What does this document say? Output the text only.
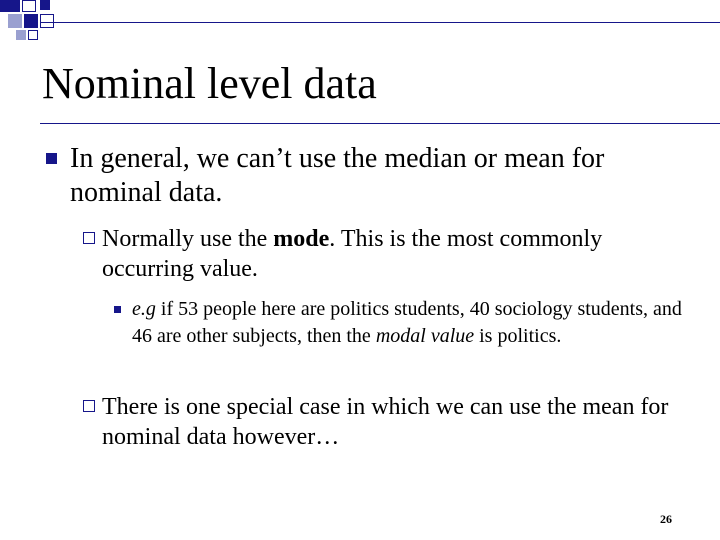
Nominal level data

In general, we can’t use the median or mean for nominal data.

Normally use the mode. This is the most commonly occurring value.
e.g if 53 people here are politics students, 40 sociology students, and 46 are other subjects, then the modal value is politics.

There is one special case in which we can use the mean for nominal data however…

26
